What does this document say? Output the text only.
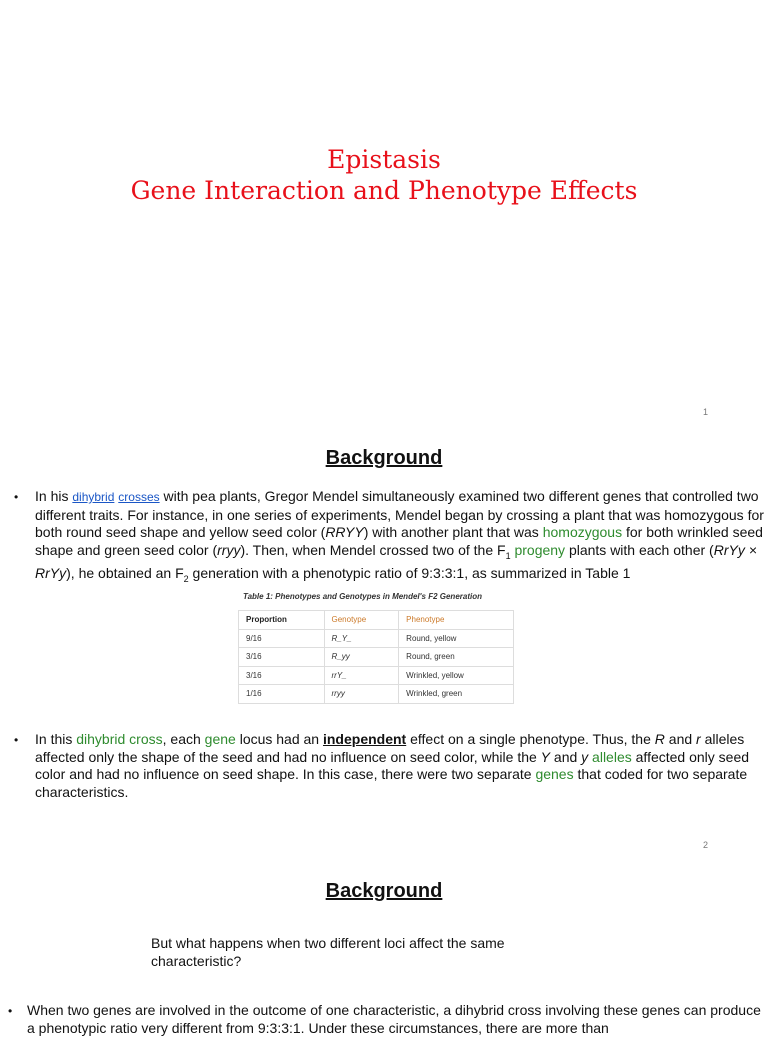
Epistasis
Gene Interaction and Phenotype Effects
1
Background
• In his dihybrid crosses with pea plants, Gregor Mendel simultaneously examined two different genes that controlled two different traits. For instance, in one series of experiments, Mendel began by crossing a plant that was homozygous for both round seed shape and yellow seed color (RRYY) with another plant that was homozygous for both wrinkled seed shape and green seed color (rryy). Then, when Mendel crossed two of the $F_1$ progeny plants with each other (RrYy × RrYy), he obtained an $F_2$ generation with a phenotypic ratio of 9:3:3:1, as summarized in Table 1
Table 1: Phenotypes and Genotypes in Mendel's F2 Generation
Proportion	Genotype	Phenotype
9/16	R_Y_	Round, yellow
3/16	R_yy	Round, green
3/16	rrY_	Wrinkled, yellow
1/16	rryy	Wrinkled, green
• In this dihybrid cross, each gene locus had an independent effect on a single phenotype. Thus, the R and r alleles affected only the shape of the seed and had no influence on seed color, while the Y and y alleles affected only seed color and had no influence on seed shape. In this case, there were two separate genes that coded for two separate characteristics.
2
Background
But what happens when two different loci affect the same characteristic?
• When two genes are involved in the outcome of one characteristic, a dihybrid cross involving these genes can produce a phenotypic ratio very different from 9:3:3:1. Under these circumstances, there are more than
